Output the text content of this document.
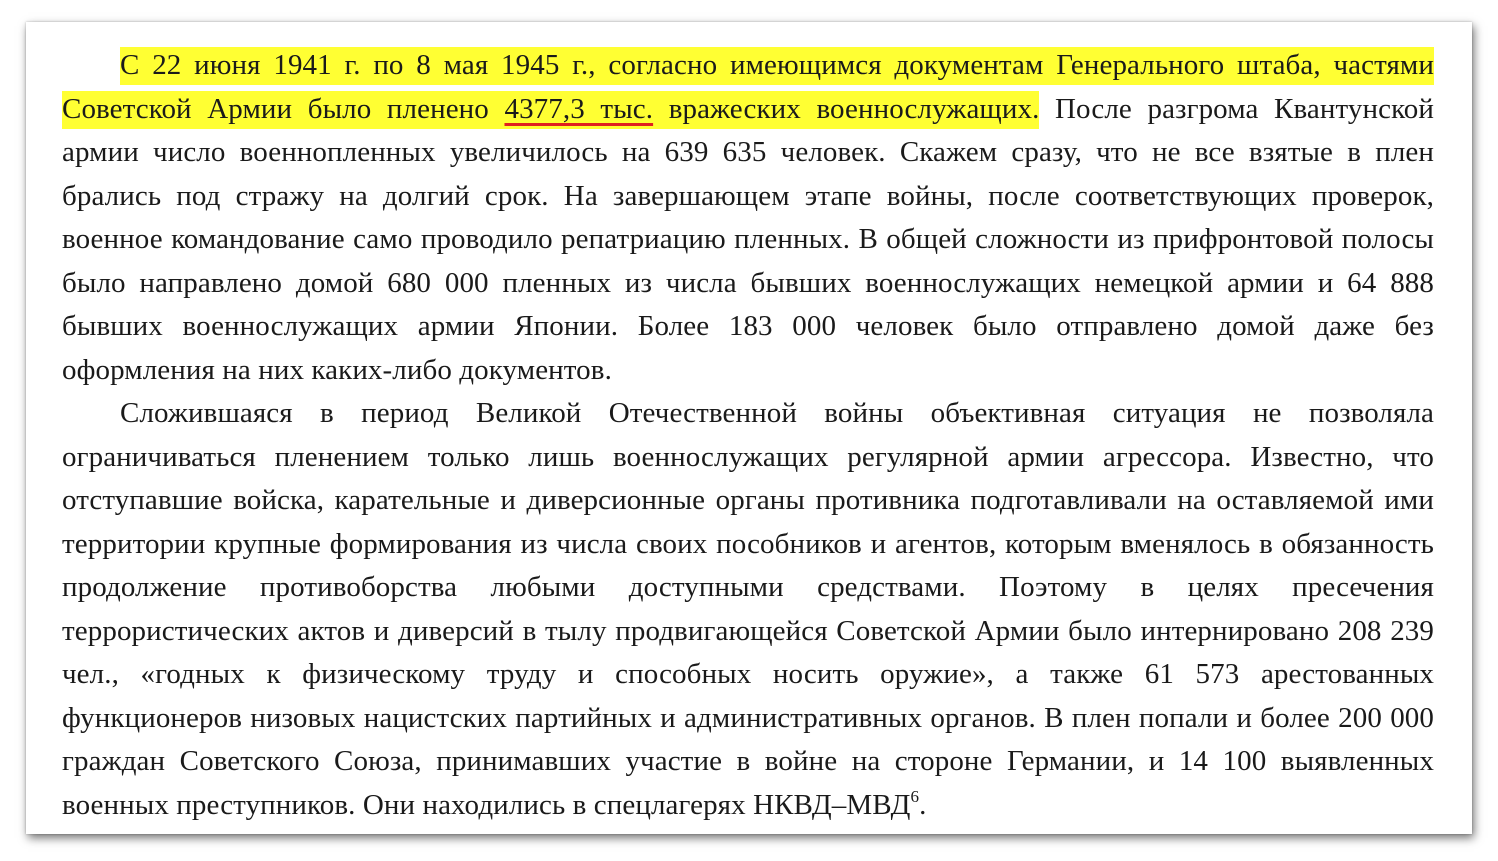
С 22 июня 1941 г. по 8 мая 1945 г., согласно имеющимся документам Генерального штаба, частями Советской Армии было пленено 4377,3 тыс. вражеских военнослужащих. После разгрома Квантунской армии число военнопленных увеличилось на 639 635 человек. Скажем сразу, что не все взятые в плен брались под стражу на долгий срок. На завершающем этапе войны, после соответствующих проверок, военное командование само проводило репатриацию пленных. В общей сложности из прифронтовой полосы было направлено домой 680 000 пленных из числа бывших военнослужащих немецкой армии и 64 888 бывших военнослужащих армии Японии. Более 183 000 человек было отправлено домой даже без оформления на них каких-либо документов.

Сложившаяся в период Великой Отечественной войны объективная ситуация не позволяла ограничиваться пленением только лишь военнослужащих регулярной армии агрессора. Известно, что отступавшие войска, карательные и диверсионные органы противника подготавливали на оставляемой ими территории крупные формирования из числа своих пособников и агентов, которым вменялось в обязанность продолжение противоборства любыми доступными средствами. Поэтому в целях пресечения террористических актов и диверсий в тылу продвигающейся Советской Армии было интернировано 208 239 чел., «годных к физическому труду и способных носить оружие», а также 61 573 арестованных функционеров низовых нацистских партийных и административных органов. В плен попали и более 200 000 граждан Советского Союза, принимавших участие в войне на стороне Германии, и 14 100 выявленных военных преступников. Они находились в спецлагерях НКВД–МВД$^6$.
